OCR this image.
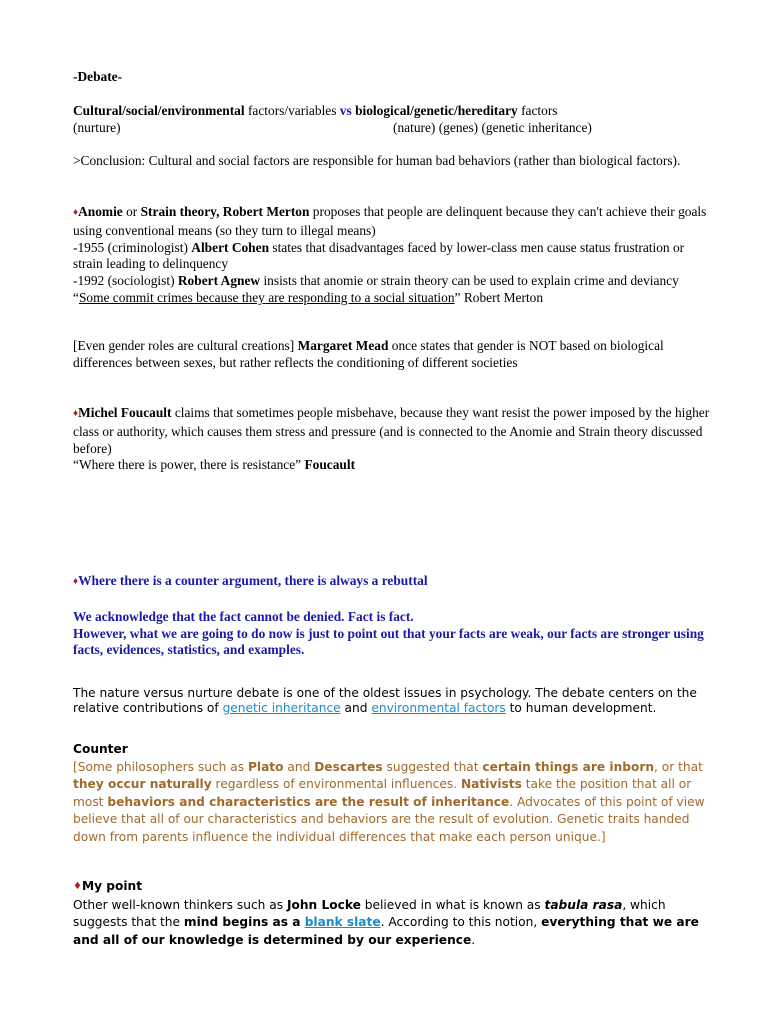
-Debate-

Cultural/social/environmental factors/variables vs biological/genetic/hereditary factors

(nurture)	(nature) (genes) (genetic inheritance)

>Conclusion: Cultural and social factors are responsible for human bad behaviors (rather than biological factors).

♦Anomie or Strain theory, Robert Merton proposes that people are delinquent because they can't achieve their goals using conventional means (so they turn to illegal means)

-1955 (criminologist) Albert Cohen states that disadvantages faced by lower-class men cause status frustration or strain leading to delinquency

-1992 (sociologist) Robert Agnew insists that anomie or strain theory can be used to explain crime and deviancy

“Some commit crimes because they are responding to a social situation” Robert Merton

[Even gender roles are cultural creations] Margaret Mead once states that gender is NOT based on biological differences between sexes, but rather reflects the conditioning of different societies

♦Michel Foucault claims that sometimes people misbehave, because they want resist the power imposed by the higher class or authority, which causes them stress and pressure (and is connected to the Anomie and Strain theory discussed before)

“Where there is power, there is resistance” Foucault

♦Where there is a counter argument, there is always a rebuttal

We acknowledge that the fact cannot be denied. Fact is fact.

However, what we are going to do now is just to point out that your facts are weak, our facts are stronger using facts, evidences, statistics, and examples.

The nature versus nurture debate is one of the oldest issues in psychology. The debate centers on the relative contributions of genetic inheritance and environmental factors to human development.

Counter

[Some philosophers such as Plato and Descartes suggested that certain things are inborn, or that they occur naturally regardless of environmental influences. Nativists take the position that all or most behaviors and characteristics are the result of inheritance. Advocates of this point of view believe that all of our characteristics and behaviors are the result of evolution. Genetic traits handed down from parents influence the individual differences that make each person unique.]

♦My point

Other well-known thinkers such as John Locke believed in what is known as tabula rasa, which suggests that the mind begins as a blank slate. According to this notion, everything that we are and all of our knowledge is determined by our experience.
